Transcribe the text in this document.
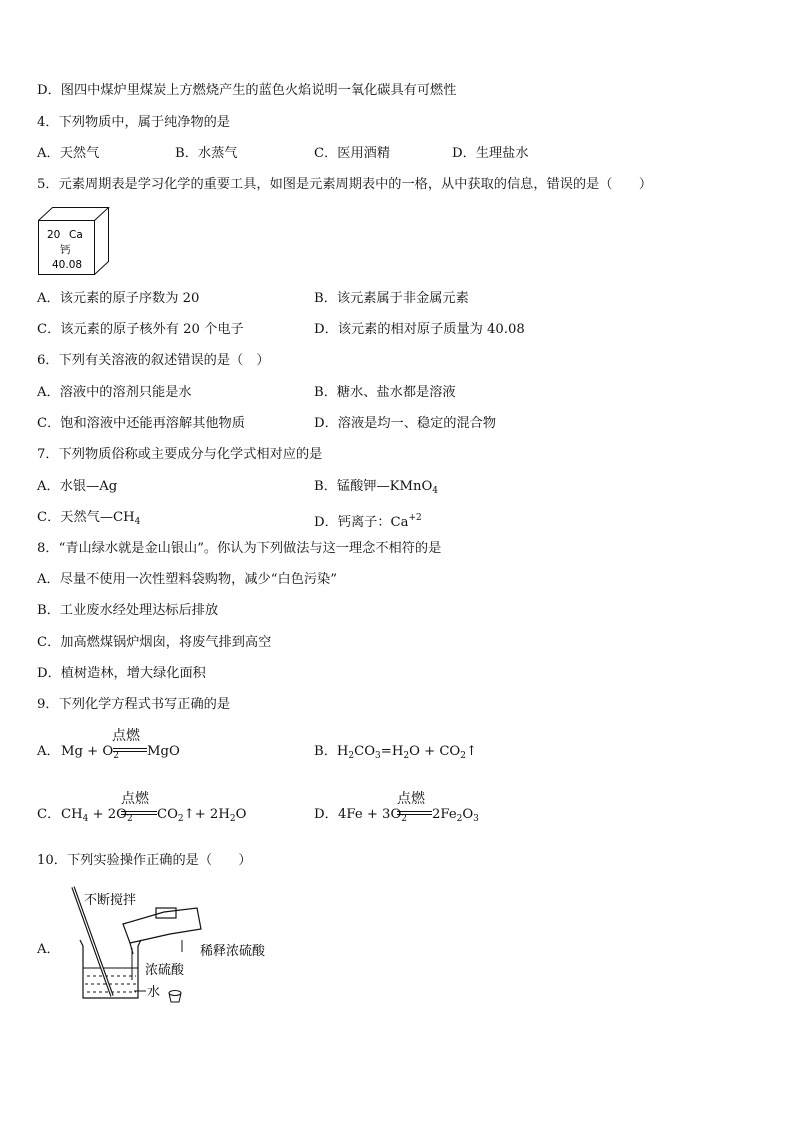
D．图四中煤炉里煤炭上方燃烧产生的蓝色火焰说明一氧化碳具有可燃性
4．下列物质中，属于纯净物的是
A．天然气	B．水蒸气	C．医用酒精	D．生理盐水
5．元素周期表是学习化学的重要工具，如图是元素周期表中的一格，从中获取的信息，错误的是（　　）
20 Ca
钙
40.08
A．该元素的原子序数为 20	B．该元素属于非金属元素
C．该元素的原子核外有 20 个电子	D．该元素的相对原子质量为 40.08
6．下列有关溶液的叙述错误的是（　）
A．溶液中的溶剂只能是水	B．糖水、盐水都是溶液
C．饱和溶液中还能再溶解其他物质	D．溶液是均一、稳定的混合物
7．下列物质俗称或主要成分与化学式相对应的是
A．水银—Ag	B．锰酸钾—KMnO$_4$
C．天然气$—CH_4$	D．钙离子：$Ca^{+2}$
8．“青山绿水就是金山银山”。你认为下列做法与这一理念不相符的是
A．尽量不使用一次性塑料袋购物，减少“白色污染”
B．工业废水经处理达标后排放
C．加高燃煤锅炉烟囱，将废气排到高空
D．植树造林，增大绿化面积
9．下列化学方程式书写正确的是
A． $Mg + O_2$
点燃
MgO	B．$H_2CO_3=H_2O$ + $CO_2↑$
C． $CH_4 + 2O_2$
点燃
$CO_2↑+ 2H_2O$	D． $4Fe + 3O_2$
点燃
$2Fe_2O_3$
10．下列实验操作正确的是（　　）
A．
不断搅拌
稀释浓硫酸
浓硫酸
水
